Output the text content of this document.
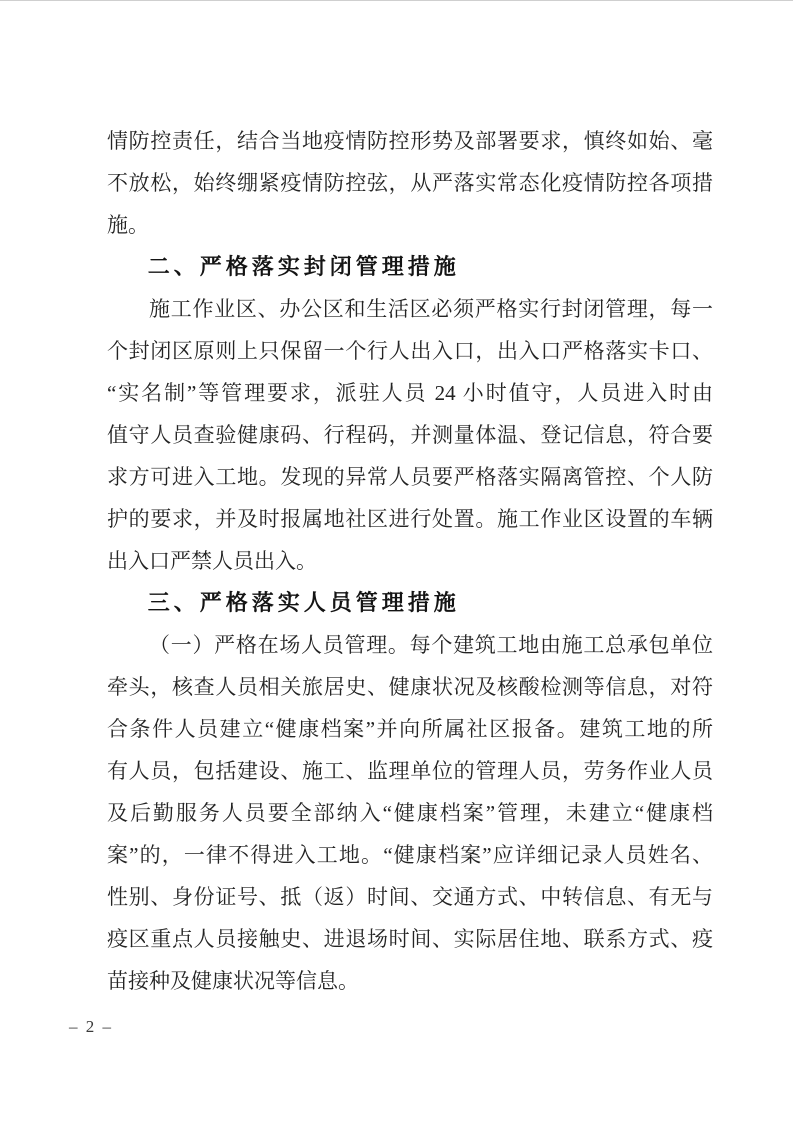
情防控责任，结合当地疫情防控形势及部署要求，慎终如始、毫

不放松，始终绷紧疫情防控弦，从严落实常态化疫情防控各项措

施。

二、严格落实封闭管理措施

施工作业区、办公区和生活区必须严格实行封闭管理，每一

个封闭区原则上只保留一个行人出入口，出入口严格落实卡口、

“实名制”等管理要求，派驻人员 24 小时值守，人员进入时由

值守人员查验健康码、行程码，并测量体温、登记信息，符合要

求方可进入工地。发现的异常人员要严格落实隔离管控、个人防

护的要求，并及时报属地社区进行处置。施工作业区设置的车辆

出入口严禁人员出入。

三、严格落实人员管理措施

（一）严格在场人员管理。每个建筑工地由施工总承包单位

牵头，核查人员相关旅居史、健康状况及核酸检测等信息，对符

合条件人员建立“健康档案”并向所属社区报备。建筑工地的所

有人员，包括建设、施工、监理单位的管理人员，劳务作业人员

及后勤服务人员要全部纳入“健康档案”管理，未建立“健康档

案”的，一律不得进入工地。“健康档案”应详细记录人员姓名、

性别、身份证号、抵（返）时间、交通方式、中转信息、有无与

疫区重点人员接触史、进退场时间、实际居住地、联系方式、疫

苗接种及健康状况等信息。

– 2 –
